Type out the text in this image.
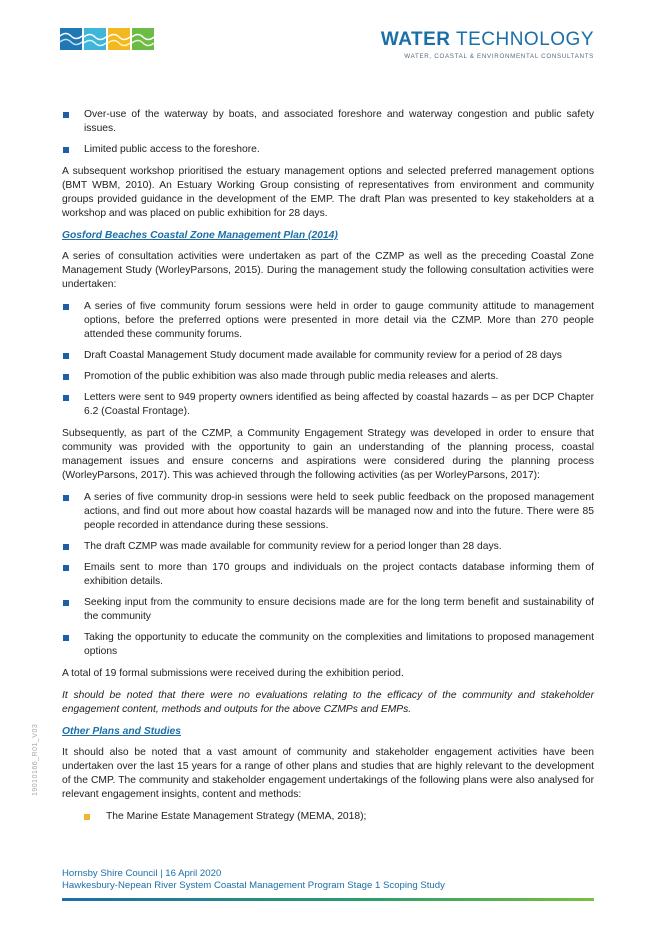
WATER TECHNOLOGY
WATER, COASTAL & ENVIRONMENTAL CONSULTANTS
Over-use of the waterway by boats, and associated foreshore and waterway congestion and public safety issues.
Limited public access to the foreshore.

A subsequent workshop prioritised the estuary management options and selected preferred management options (BMT WBM, 2010). An Estuary Working Group consisting of representatives from environment and community groups provided guidance in the development of the EMP. The draft Plan was presented to key stakeholders at a workshop and was placed on public exhibition for 28 days.

Gosford Beaches Coastal Zone Management Plan (2014)

A series of consultation activities were undertaken as part of the CZMP as well as the preceding Coastal Zone Management Study (WorleyParsons, 2015). During the management study the following consultation activities were undertaken:

A series of five community forum sessions were held in order to gauge community attitude to management options, before the preferred options were presented in more detail via the CZMP. More than 270 people attended these community forums.
Draft Coastal Management Study document made available for community review for a period of 28 days
Promotion of the public exhibition was also made through public media releases and alerts.
Letters were sent to 949 property owners identified as being affected by coastal hazards – as per DCP Chapter 6.2 (Coastal Frontage).

Subsequently, as part of the CZMP, a Community Engagement Strategy was developed in order to ensure that community was provided with the opportunity to gain an understanding of the planning process, coastal management issues and ensure concerns and aspirations were considered during the planning process (WorleyParsons, 2017). This was achieved through the following activities (as per WorleyParsons, 2017):

A series of five community drop-in sessions were held to seek public feedback on the proposed management actions, and find out more about how coastal hazards will be managed now and into the future. There were 85 people recorded in attendance during these sessions.
The draft CZMP was made available for community review for a period longer than 28 days.
Emails sent to more than 170 groups and individuals on the project contacts database informing them of exhibition details.
Seeking input from the community to ensure decisions made are for the long term benefit and sustainability of the community
Taking the opportunity to educate the community on the complexities and limitations to proposed management options

A total of 19 formal submissions were received during the exhibition period.

It should be noted that there were no evaluations relating to the efficacy of the community and stakeholder engagement content, methods and outputs for the above CZMPs and EMPs.

Other Plans and Studies

It should also be noted that a vast amount of community and stakeholder engagement activities have been undertaken over the last 15 years for a range of other plans and studies that are highly relevant to the development of the CMP. The community and stakeholder engagement undertakings of the following plans were also analysed for relevant engagement insights, content and methods:

The Marine Estate Management Strategy (MEMA, 2018);
19010166_R01_V03
Hornsby Shire Council | 16 April 2020
Hawkesbury-Nepean River System Coastal Management Program Stage 1 Scoping Study
